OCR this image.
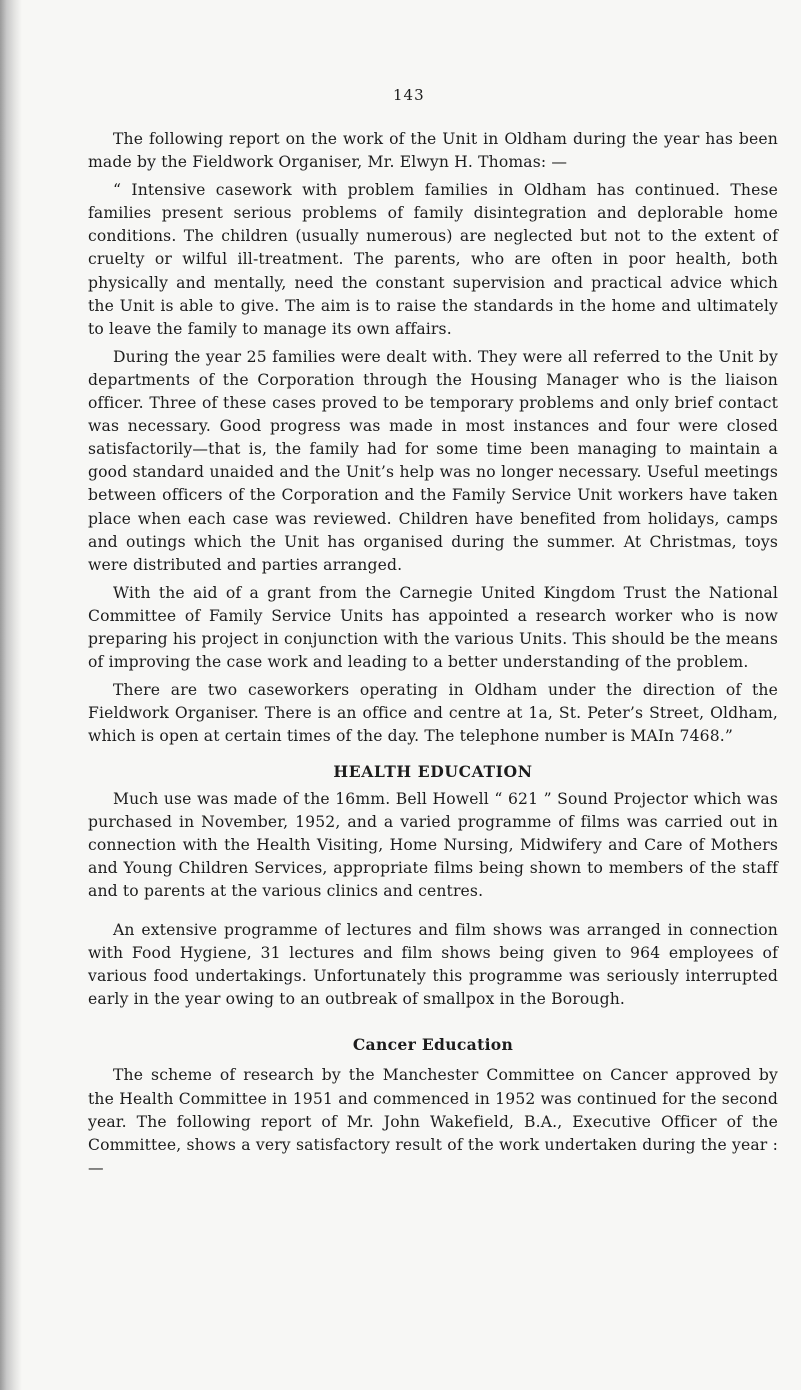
143

The following report on the work of the Unit in Oldham during the year has been made by the Fieldwork Organiser, Mr. Elwyn H. Thomas: —

“ Intensive casework with problem families in Oldham has continued. These families present serious problems of family disintegration and deplorable home conditions. The children (usually numerous) are neglected but not to the extent of cruelty or wilful ill-treatment. The parents, who are often in poor health, both physically and mentally, need the constant supervision and practical advice which the Unit is able to give. The aim is to raise the standards in the home and ultimately to leave the family to manage its own affairs.

During the year 25 families were dealt with. They were all referred to the Unit by departments of the Corporation through the Housing Manager who is the liaison officer. Three of these cases proved to be temporary problems and only brief contact was necessary. Good progress was made in most instances and four were closed satisfactorily—that is, the family had for some time been managing to maintain a good standard unaided and the Unit’s help was no longer necessary. Useful meetings between officers of the Corporation and the Family Service Unit workers have taken place when each case was reviewed. Children have benefited from holidays, camps and outings which the Unit has organised during the summer. At Christmas, toys were distributed and parties arranged.

With the aid of a grant from the Carnegie United Kingdom Trust the National Committee of Family Service Units has appointed a research worker who is now preparing his project in conjunction with the various Units. This should be the means of improving the case work and leading to a better understanding of the problem.

There are two caseworkers operating in Oldham under the direction of the Fieldwork Organiser. There is an office and centre at 1a, St. Peter’s Street, Oldham, which is open at certain times of the day. The telephone number is MAIn 7468.”

HEALTH EDUCATION

Much use was made of the 16mm. Bell Howell “ 621 ” Sound Projector which was purchased in November, 1952, and a varied programme of films was carried out in connection with the Health Visiting, Home Nursing, Midwifery and Care of Mothers and Young Children Services, appropriate films being shown to members of the staff and to parents at the various clinics and centres.

An extensive programme of lectures and film shows was arranged in connection with Food Hygiene, 31 lectures and film shows being given to 964 employees of various food undertakings. Unfortunately this programme was seriously interrupted early in the year owing to an outbreak of smallpox in the Borough.

Cancer Education

The scheme of research by the Manchester Committee on Cancer approved by the Health Committee in 1951 and commenced in 1952 was continued for the second year. The following report of Mr. John Wakefield, B.A., Executive Officer of the Committee, shows a very satisfactory result of the work undertaken during the year : —
